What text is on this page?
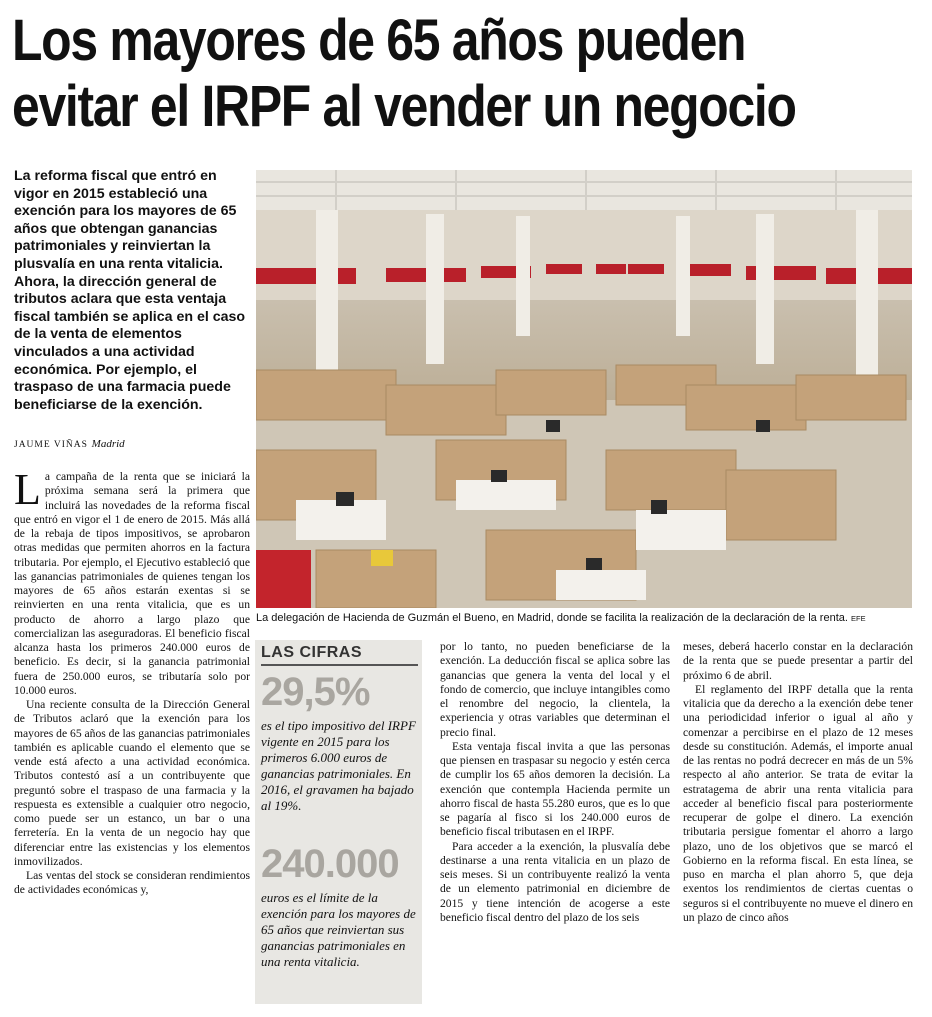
Los mayores de 65 años pueden
evitar el IRPF al vender un negocio
La reforma fiscal que entró en vigor en 2015 estableció una exención para los mayores de 65 años que obtengan ganancias patrimoniales y reinviertan la plusvalía en una renta vitalicia. Ahora, la dirección general de tributos aclara que esta ventaja fiscal también se aplica en el caso de la venta de elementos vinculados a una actividad económica. Por ejemplo, el traspaso de una farmacia puede beneficiarse de la exención.
JAUME VIÑAS Madrid

La campaña de la renta que se iniciará la próxima semana será la primera que incluirá las novedades de la reforma fiscal que entró en vigor el 1 de enero de 2015. Más allá de la rebaja de tipos impositivos, se aprobaron otras medidas que permiten ahorros en la factura tributaria. Por ejemplo, el Ejecutivo estableció que las ganancias patrimoniales de quienes tengan los mayores de 65 años estarán exentas si se reinvierten en una renta vitalicia, que es un producto de ahorro a largo plazo que comercializan las aseguradoras. El beneficio fiscal alcanza hasta los primeros 240.000 euros de beneficio. Es decir, si la ganancia patrimonial fuera de 250.000 euros, se tributaría solo por 10.000 euros.

Una reciente consulta de la Dirección General de Tributos aclaró que la exención para los mayores de 65 años de las ganancias patrimoniales también es aplicable cuando el elemento que se vende está afecto a una actividad económica. Tributos contestó así a un contribuyente que preguntó sobre el traspaso de una farmacia y la respuesta es extensible a cualquier otro negocio, como puede ser un estanco, un bar o una ferretería. En la venta de un negocio hay que diferenciar entre las existencias y los elementos inmovilizados.

Las ventas del stock se consideran rendimientos de actividades económicas y,

La delegación de Hacienda de Guzmán el Bueno, en Madrid, donde se facilita la realización de la declaración de la renta. EFE
LAS CIFRAS
29,5%
es el tipo impositivo del IRPF vigente en 2015 para los primeros 6.000 euros de ganancias patrimoniales. En 2016, el gravamen ha bajado al 19%.
240.000
euros es el límite de la exención para los mayores de 65 años que reinviertan sus ganancias patrimoniales en una renta vitalicia.

por lo tanto, no pueden beneficiarse de la exención. La deducción fiscal se aplica sobre las ganancias que genera la venta del local y el fondo de comercio, que incluye intangibles como el renombre del negocio, la clientela, la experiencia y otras variables que determinan el precio final.

Esta ventaja fiscal invita a que las personas que piensen en traspasar su negocio y estén cerca de cumplir los 65 años demoren la decisión. La exención que contempla Hacienda permite un ahorro fiscal de hasta 55.280 euros, que es lo que se pagaría al fisco si los 240.000 euros de beneficio fiscal tributasen en el IRPF.

Para acceder a la exención, la plusvalía debe destinarse a una renta vitalicia en un plazo de seis meses. Si un contribuyente realizó la venta de un elemento patrimonial en diciembre de 2015 y tiene intención de acogerse a este beneficio fiscal dentro del plazo de los seis

meses, deberá hacerlo constar en la declaración de la renta que se puede presentar a partir del próximo 6 de abril.

El reglamento del IRPF detalla que la renta vitalicia que da derecho a la exención debe tener una periodicidad inferior o igual al año y comenzar a percibirse en el plazo de 12 meses desde su constitución. Además, el importe anual de las rentas no podrá decrecer en más de un 5% respecto al año anterior. Se trata de evitar la estratagema de abrir una renta vitalicia para acceder al beneficio fiscal para posteriormente recuperar de golpe el dinero. La exención tributaria persigue fomentar el ahorro a largo plazo, uno de los objetivos que se marcó el Gobierno en la reforma fiscal. En esta línea, se puso en marcha el plan ahorro 5, que deja exentos los rendimientos de ciertas cuentas o seguros si el contribuyente no mueve el dinero en un plazo de cinco años
